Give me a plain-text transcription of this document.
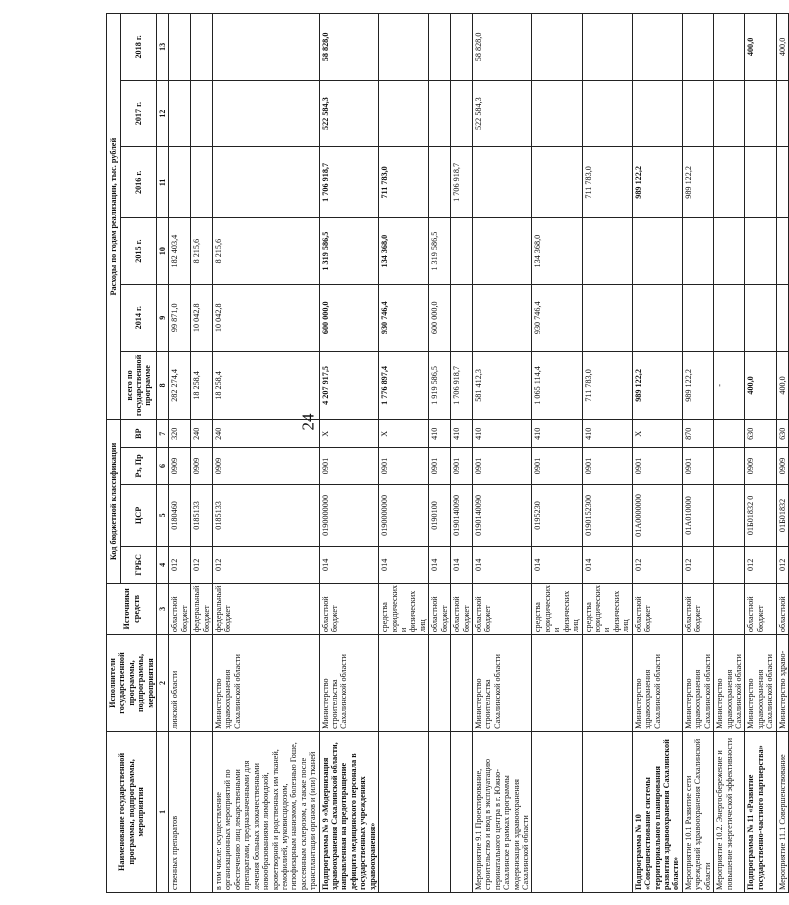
24
Наименование государственной программы, подпрограммы, мероприятия	Исполнители государственной программы, подпрограммы, мероприятия	Источники средств	Код бюджетной классификации				Расходы по годам реализации, тыс. рублей					
			ГРБС	ЦСР	Рз, Пр	ВР	всего по государственной программе	2014 г.	2015 г.	2016 г.	2017 г.	2018 г.
1	2	3	4	5	6	7	8	9	10	11	12	13
ственных препаратов	линской области	областной бюджет	012	0180460	0909	320	282 274,4	99 871,0	182 403,4			
		федеральный бюджет	012	0185133	0909	240	18 258,4	10 042,8	8 215,6			
в том числе: осуществление организационных мероприятий по обеспечению лиц лекарственными препаратами, предназначенными для лечения больных злокачественными новообразованиями лимфоидной, кроветворной и родственных им тканей, гемофилией, муковисцидозом, гипофизарным нанизмом, болезнью Гоше, рассеянным склерозом, а также после трансплантации органов и (или) тканей	Министерство здравоохранения Сахалинской области	федеральный бюджет	012	0185133	0909	240	18 258,4	10 042,8	8 215,6			
Подпрограмма № 9 «Модернизация здравоохранения Сахалинской области, направленная на предотвращение дефицита медицинского персонала в государственных учреждениях здравоохранения»	Министерство строительства Сахалинской области	областной бюджет	014	0190000000	0901	X	4 207 917,5	600 000,0	1 319 586,5	1 706 918,7	522 584,3	58 828,0
		средства юридических и физических лиц	014	0190000000	0901	X	1 776 897,4	930 746,4	134 368,0	711 783,0		
		областной бюджет	014	0190100	0901	410	1 919 586,5	600 000,0	1 319 586,5			
		областной бюджет	014	0190140090	0901	410	1 706 918,7			1 706 918,7		
Мероприятие 9.1 Проектирование, строительство и ввод в эксплуатацию перинатального центра в г. Южно-Сахалинске в рамках программы модернизации здравоохранения Сахалинской области	Министерство строительства Сахалинской области	областной бюджет	014	0190140090	0901	410	581 412,3				522 584,3	58 828,0
		средства юридических и физических лиц	014	0195230	0901	410	1 065 114,4	930 746,4	134 368,0			
		средства юридических и физических лиц	014	0190152300	0901	410	711 783,0			711 783,0		
Подпрограмма № 10 «Совершенствование системы территориального планирования развития здравоохранения Сахалинской области»	Министерство здравоохранения Сахалинской области	областной бюджет	012	01A0000000	0901	X	989 122,2			989 122,2		
Мероприятие 10.1 Развитие сети учреждений здравоохранения Сахалинской области	Министерство здравоохранения Сахалинской области	областной бюджет	012	01A010000	0901	870	989 122,2			989 122,2		
Мероприятие 10.2. Энергосбережение и повышение энергетической эффективности	Министерство здравоохранения Сахалинской области						-					
Подпрограмма № 11 «Развитие государственно-частного партнерства»	Министерство здравоохранения Сахалинской области	областной бюджет	012	01Б01832 0	0909	630	400,0					400,0
Мероприятие 11.1 Совершенствование	Министерство здраво-	областной	012	01Б01832	0909	630	400,0					400,0
